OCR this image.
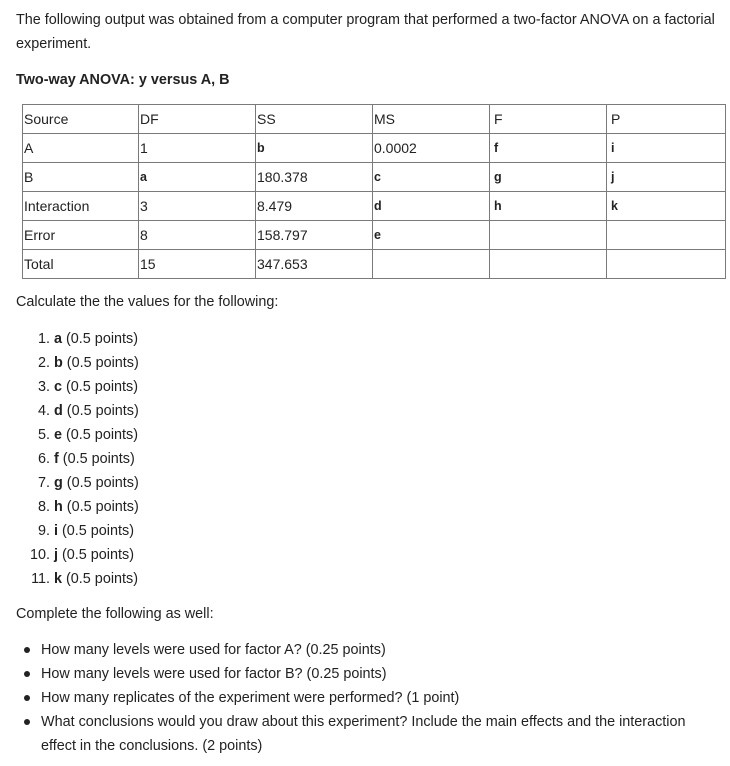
The following output was obtained from a computer program that performed a two-factor ANOVA on a factorial experiment.

Two-way ANOVA: y versus A, B

Source	DF	SS	MS	F	P
A	1	b	0.0002	f	i
B	a	180.378	c	g	j
Interaction	3	8.479	d	h	k
Error	8	158.797	e		
Total	15	347.653			

Calculate the the values for the following:

1. a (0.5 points)
2. b (0.5 points)
3. c (0.5 points)
4. d (0.5 points)
5. e (0.5 points)
6. f (0.5 points)
7. g (0.5 points)
8. h (0.5 points)
9. i (0.5 points)
10. j (0.5 points)
11. k (0.5 points)

Complete the following as well:

How many levels were used for factor A? (0.25 points)
How many levels were used for factor B? (0.25 points)
How many replicates of the experiment were performed? (1 point)
What conclusions would you draw about this experiment? Include the main effects and the interaction effect in the conclusions. (2 points)
